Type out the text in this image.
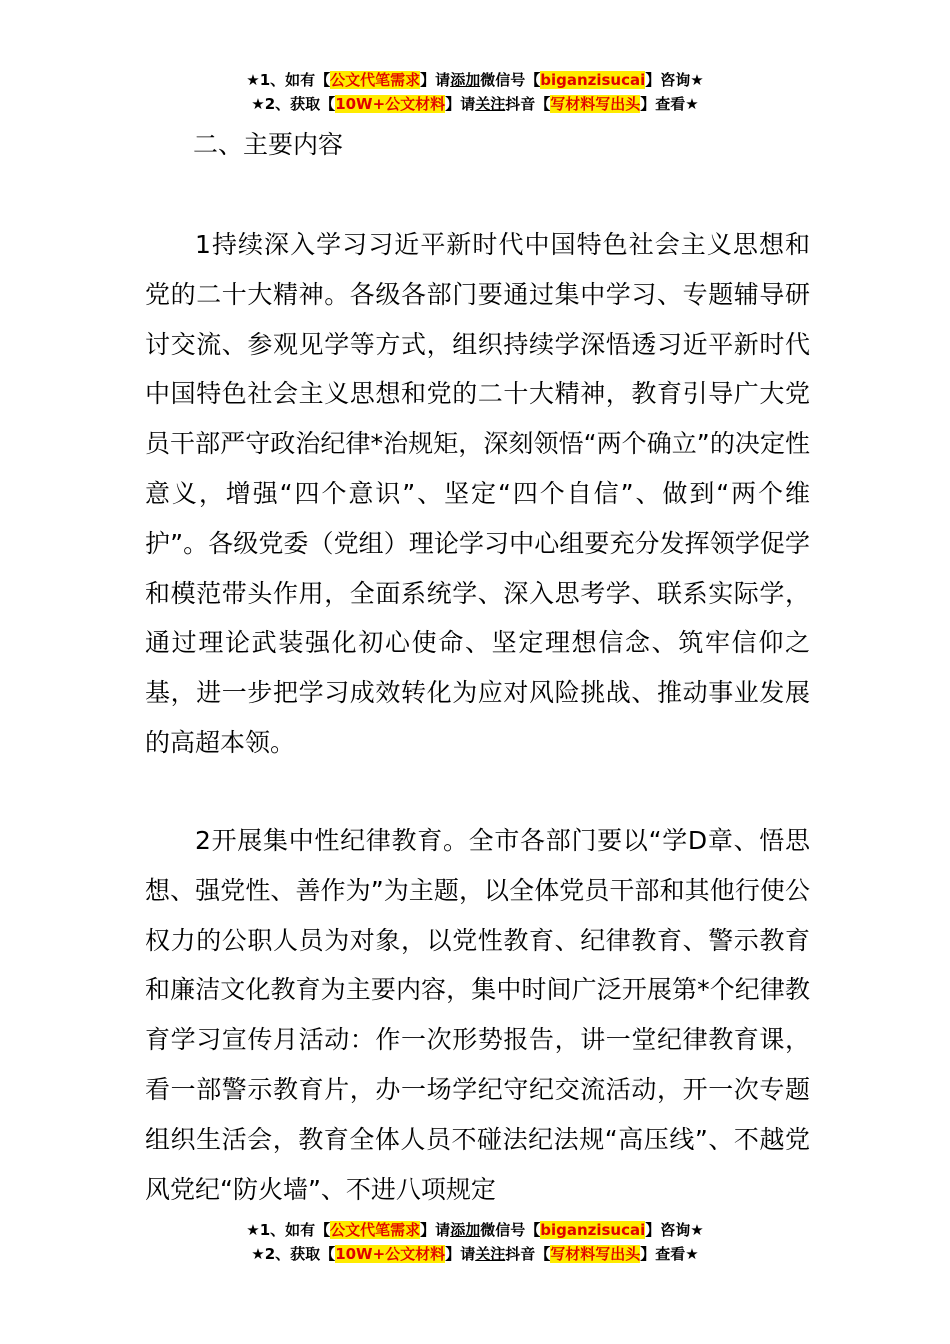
★1、如有【公文代笔需求】请添加微信号【biganzisucai】咨询★
★2、获取【10W+公文材料】请关注抖音【写材料写出头】查看★
二、主要内容

1持续深入学习习近平新时代中国特色社会主义思想和党的二十大精神。各级各部门要通过集中学习、专题辅导研讨交流、参观见学等方式，组织持续学深悟透习近平新时代中国特色社会主义思想和党的二十大精神，教育引导广大党员干部严守政治纪律*治规矩，深刻领悟“两个确立”的决定性意义，增强“四个意识”、坚定“四个自信”、做到“两个维护”。各级党委（党组）理论学习中心组要充分发挥领学促学和模范带头作用，全面系统学、深入思考学、联系实际学，通过理论武装强化初心使命、坚定理想信念、筑牢信仰之基，进一步把学习成效转化为应对风险挑战、推动事业发展的高超本领。

2开展集中性纪律教育。全市各部门要以“学D章、悟思想、强党性、善作为”为主题，以全体党员干部和其他行使公权力的公职人员为对象，以党性教育、纪律教育、警示教育和廉洁文化教育为主要内容，集中时间广泛开展第*个纪律教育学习宣传月活动：作一次形势报告，讲一堂纪律教育课，看一部警示教育片，办一场学纪守纪交流活动，开一次专题组织生活会，教育全体人员不碰法纪法规“高压线”、不越党风党纪“防火墙”、不进八项规定

★1、如有【公文代笔需求】请添加微信号【biganzisucai】咨询★
★2、获取【10W+公文材料】请关注抖音【写材料写出头】查看★
